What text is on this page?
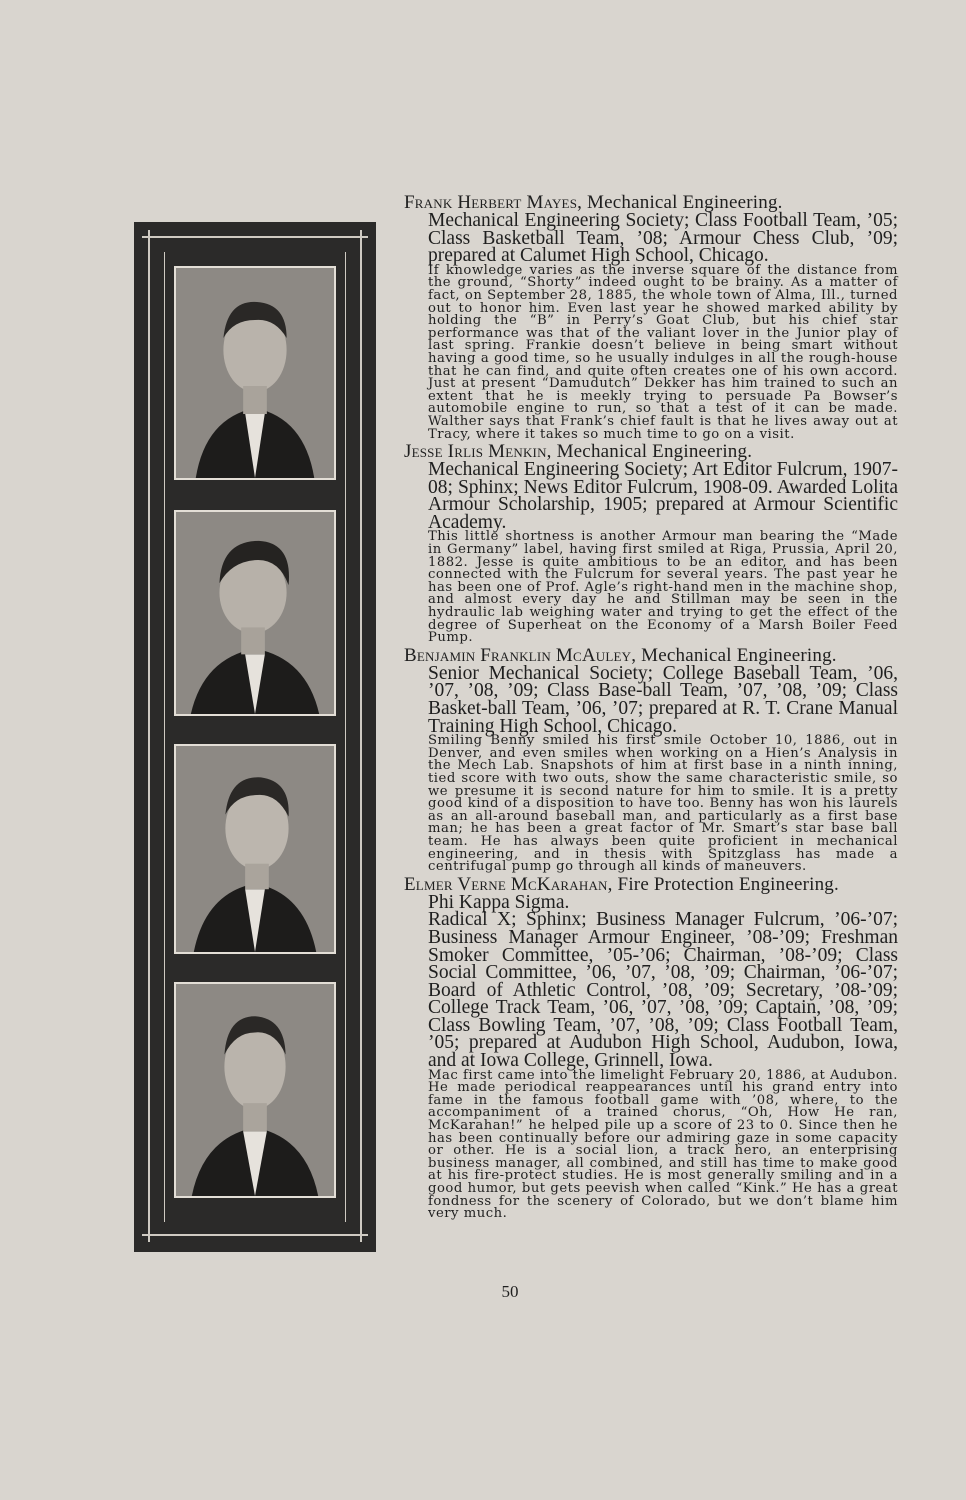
Frank Herbert Mayes, Mechanical Engineering.

Mechanical Engineering Society; Class Football Team, ’05; Class Basketball Team, ’08; Armour Chess Club, ’09; prepared at Calumet High School, Chicago.

If knowledge varies as the inverse square of the distance from the ground, “Shorty” indeed ought to be brainy. As a matter of fact, on September 28, 1885, the whole town of Alma, Ill., turned out to honor him. Even last year he showed marked ability by holding the “B” in Perry’s Goat Club, but his chief star performance was that of the valiant lover in the Junior play of last spring. Frankie doesn’t believe in being smart without having a good time, so he usually indulges in all the rough-house that he can find, and quite often creates one of his own accord. Just at present “Damudutch” Dekker has him trained to such an extent that he is meekly trying to persuade Pa Bowser’s automobile engine to run, so that a test of it can be made. Walther says that Frank’s chief fault is that he lives away out at Tracy, where it takes so much time to go on a visit.

Jesse Irlis Menkin, Mechanical Engineering.

Mechanical Engineering Society; Art Editor Fulcrum, 1907-08; Sphinx; News Editor Fulcrum, 1908-09. Awarded Lolita Armour Scholarship, 1905; prepared at Armour Scientific Academy.

This little shortness is another Armour man bearing the “Made in Germany” label, having first smiled at Riga, Prussia, April 20, 1882. Jesse is quite ambitious to be an editor, and has been connected with the Fulcrum for several years. The past year he has been one of Prof. Agle’s right-hand men in the machine shop, and almost every day he and Stillman may be seen in the hydraulic lab weighing water and trying to get the effect of the degree of Superheat on the Economy of a Marsh Boiler Feed Pump.

Benjamin Franklin McAuley, Mechanical Engineering.

Senior Mechanical Society; College Baseball Team, ’06, ’07, ’08, ’09; Class Base-ball Team, ’07, ’08, ’09; Class Basket-ball Team, ’06, ’07; prepared at R. T. Crane Manual Training High School, Chicago.

Smiling Benny smiled his first smile October 10, 1886, out in Denver, and even smiles when working on a Hien’s Analysis in the Mech Lab. Snapshots of him at first base in a ninth inning, tied score with two outs, show the same characteristic smile, so we presume it is second nature for him to smile. It is a pretty good kind of a disposition to have too. Benny has won his laurels as an all-around baseball man, and particularly as a first base man; he has been a great factor of Mr. Smart’s star base ball team. He has always been quite proficient in mechanical engineering, and in thesis with Spitzglass has made a centrifugal pump go through all kinds of maneuvers.

Elmer Verne McKarahan, Fire Protection Engineering.

Phi Kappa Sigma.

Radical X; Sphinx; Business Manager Fulcrum, ’06-’07; Business Manager Armour Engineer, ’08-’09; Freshman Smoker Committee, ’05-’06; Chairman, ’08-’09; Class Social Committee, ’06, ’07, ’08, ’09; Chairman, ’06-’07; Board of Athletic Control, ’08, ’09; Secretary, ’08-’09; College Track Team, ’06, ’07, ’08, ’09; Captain, ’08, ’09; Class Bowling Team, ’07, ’08, ’09; Class Football Team, ’05; prepared at Audubon High School, Audubon, Iowa, and at Iowa College, Grinnell, Iowa.

Mac first came into the limelight February 20, 1886, at Audubon. He made periodical reappearances until his grand entry into fame in the famous football game with ’08, where, to the accompaniment of a trained chorus, “Oh, How He ran, McKarahan!” he helped pile up a score of 23 to 0. Since then he has been continually before our admiring gaze in some capacity or other. He is a social lion, a track hero, an enterprising business manager, all combined, and still has time to make good at his fire-protect studies. He is most generally smiling and in a good humor, but gets peevish when called “Kink.” He has a great fondness for the scenery of Colorado, but we don’t blame him very much.

50
